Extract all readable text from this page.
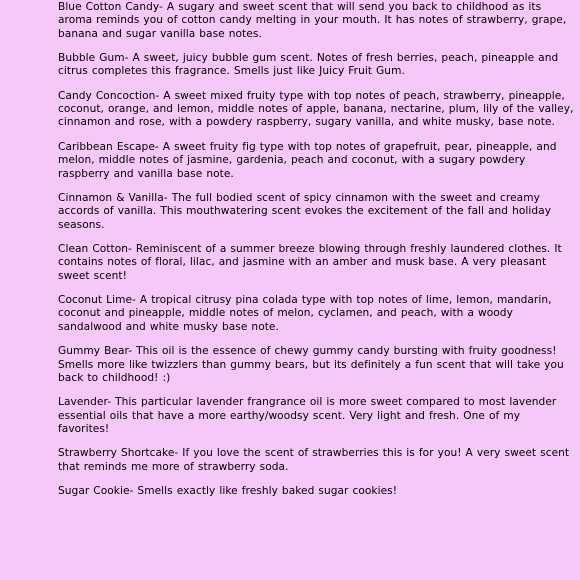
Blue Cotton Candy- A sugary and sweet scent that will send you back to childhood as its aroma reminds you of cotton candy melting in your mouth. It has notes of strawberry, grape, banana and sugar vanilla base notes.

Bubble Gum- A sweet, juicy bubble gum scent. Notes of fresh berries, peach, pineapple and citrus completes this fragrance. Smells just like Juicy Fruit Gum.

Candy Concoction- A sweet mixed fruity type with top notes of peach, strawberry, pineapple, coconut, orange, and lemon, middle notes of apple, banana, nectarine, plum, lily of the valley, cinnamon and rose, with a powdery raspberry, sugary vanilla, and white musky, base note.

Caribbean Escape- A sweet fruity fig type with top notes of grapefruit, pear, pineapple, and melon, middle notes of jasmine, gardenia, peach and coconut, with a sugary powdery raspberry and vanilla base note.

Cinnamon & Vanilla- The full bodied scent of spicy cinnamon with the sweet and creamy accords of vanilla. This mouthwatering scent evokes the excitement of the fall and holiday seasons.

Clean Cotton- Reminiscent of a summer breeze blowing through freshly laundered clothes. It contains notes of floral, lilac, and jasmine with an amber and musk base. A very pleasant sweet scent!

Coconut Lime- A tropical citrusy pina colada type with top notes of lime, lemon, mandarin, coconut and pineapple, middle notes of melon, cyclamen, and peach, with a woody sandalwood and white musky base note.

Gummy Bear- This oil is the essence of chewy gummy candy bursting with fruity goodness! Smells more like twizzlers than gummy bears, but its definitely a fun scent that will take you back to childhood! :)

Lavender- This particular lavender frangrance oil is more sweet compared to most lavender essential oils that have a more earthy/woodsy scent. Very light and fresh. One of my favorites!

Strawberry Shortcake- If you love the scent of strawberries this is for you! A very sweet scent that reminds me more of strawberry soda.

Sugar Cookie- Smells exactly like freshly baked sugar cookies!
